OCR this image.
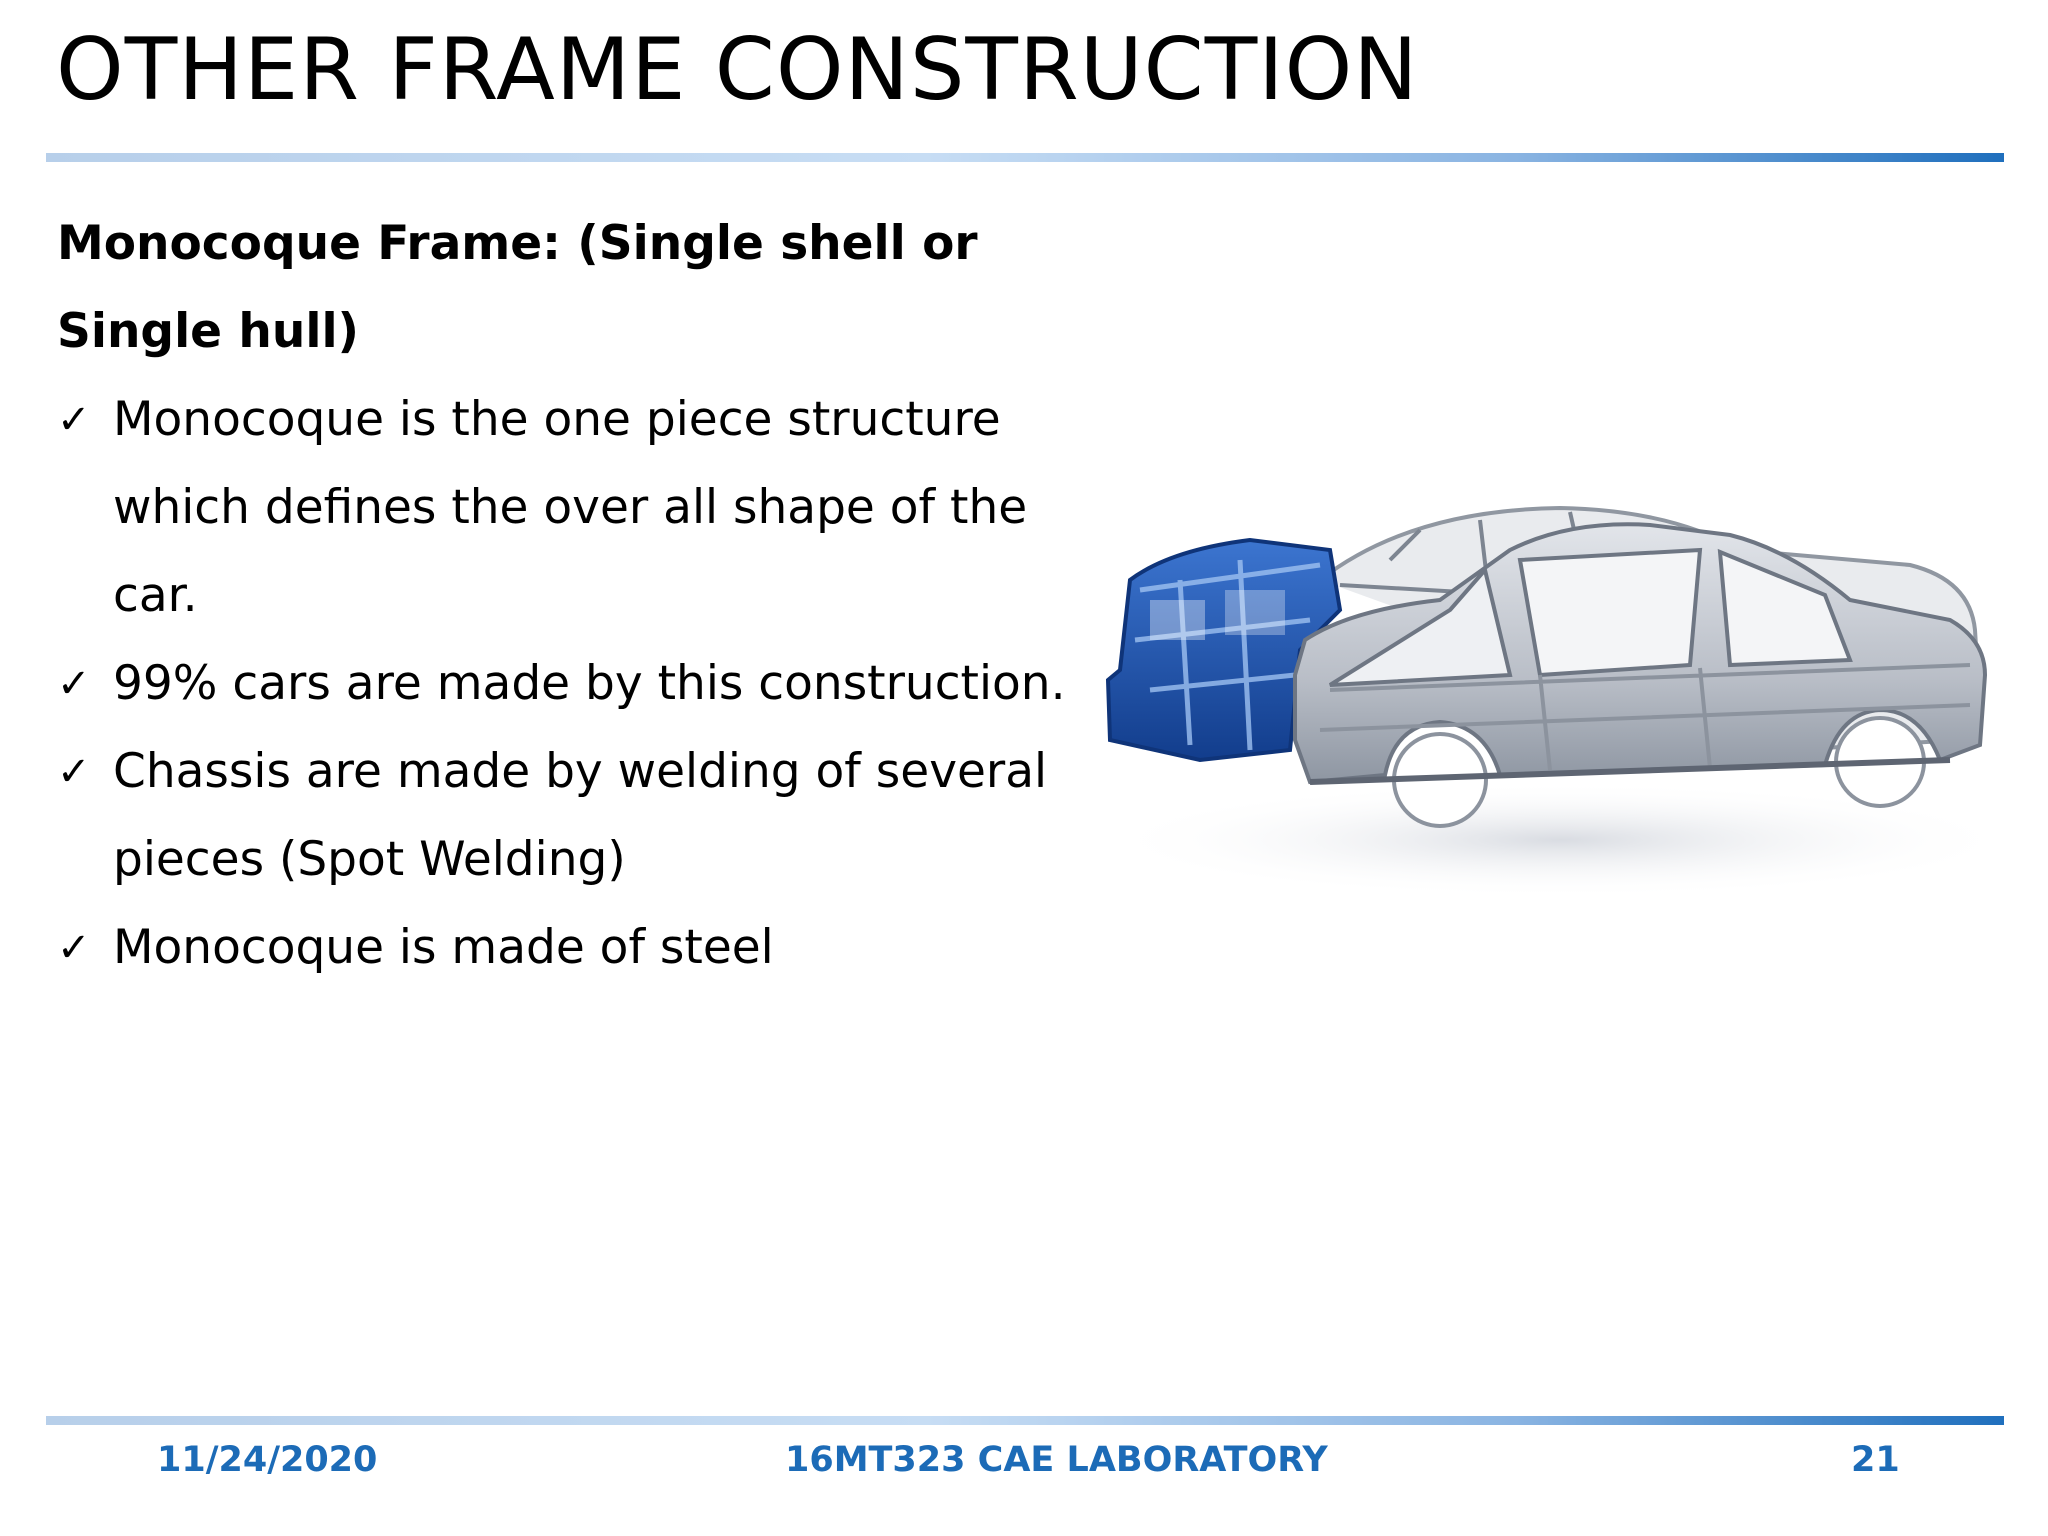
OTHER FRAME CONSTRUCTION

Monocoque Frame: (Single shell or Single hull)

✓ Monocoque is the one piece structure which defines the over all shape of the car.
✓ 99% cars are made by this construction.
✓ Chassis are made by welding of several pieces (Spot Welding)
✓ Monocoque is made of steel
11/24/2020	16MT323 CAE LABORATORY	21
